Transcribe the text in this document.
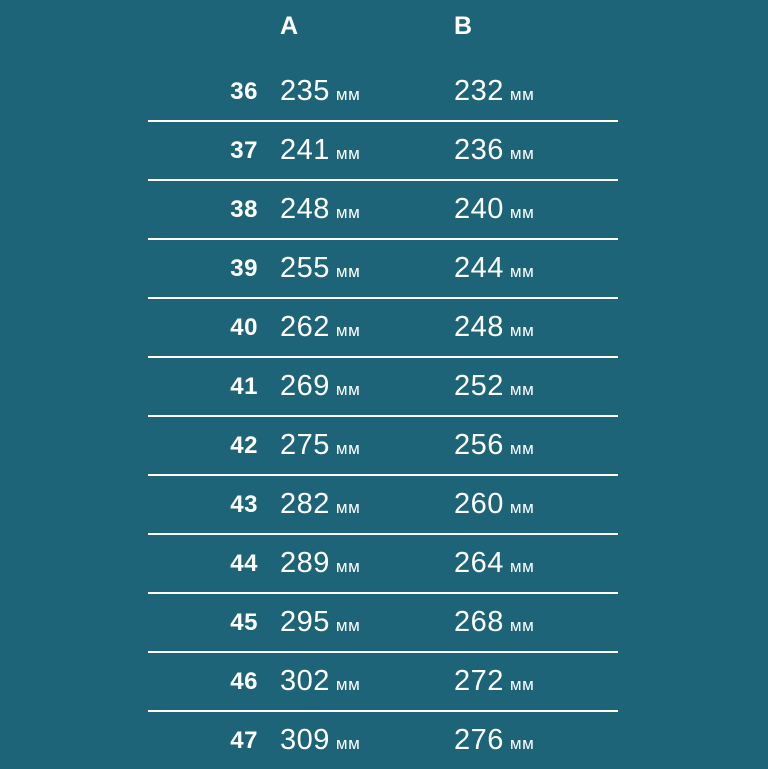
	A	B
36	235 мм	232 мм
37	241 мм	236 мм
38	248 мм	240 мм
39	255 мм	244 мм
40	262 мм	248 мм
41	269 мм	252 мм
42	275 мм	256 мм
43	282 мм	260 мм
44	289 мм	264 мм
45	295 мм	268 мм
46	302 мм	272 мм
47	309 мм	276 мм
